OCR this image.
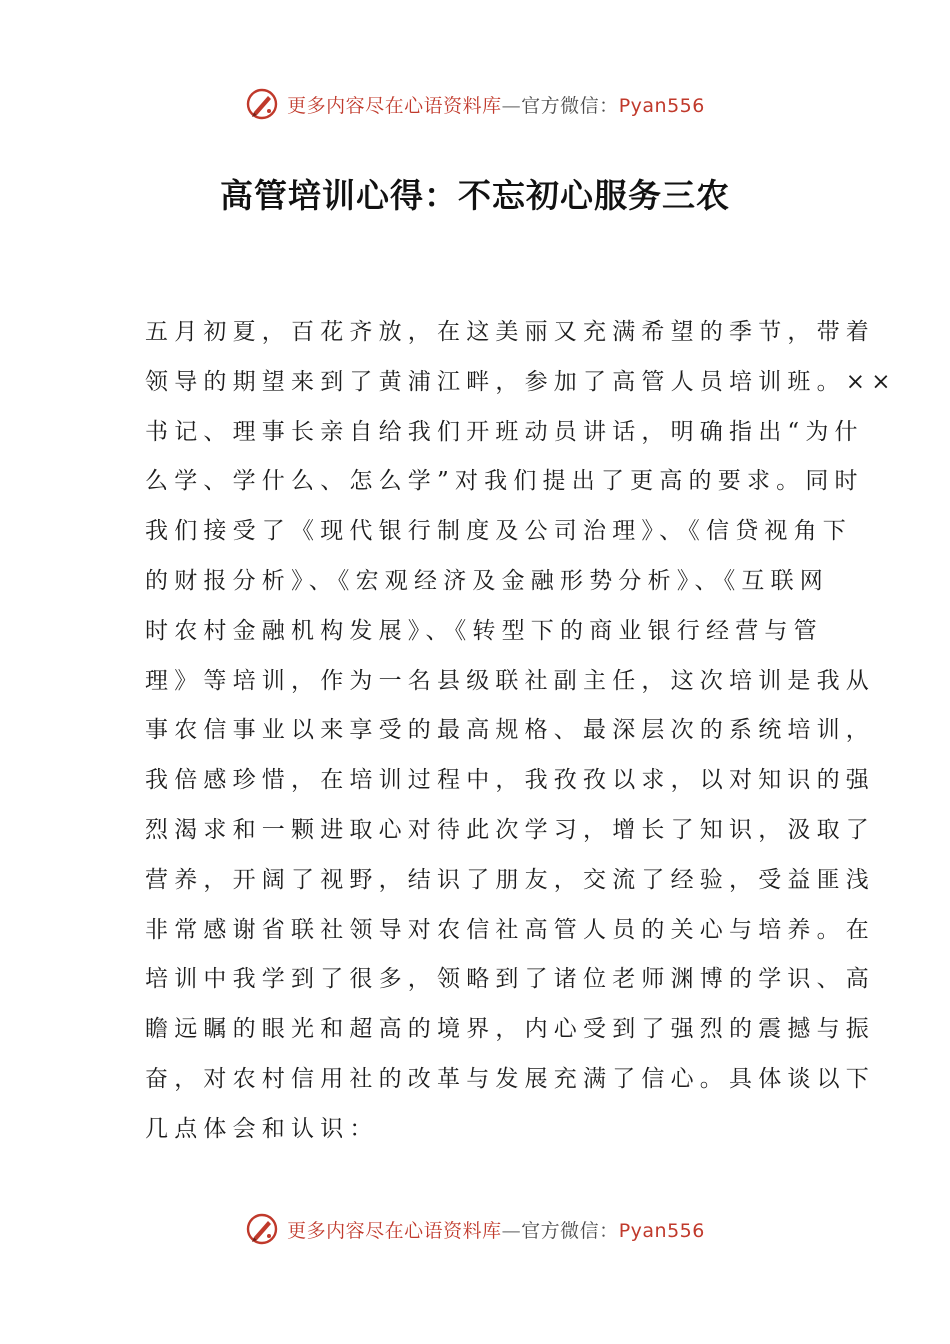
更多内容尽在心语资料库—官方微信：Pyan556
高管培训心得：不忘初心服务三农
五月初夏，百花齐放，在这美丽又充满希望的季节，带着
领导的期望来到了黄浦江畔，参加了高管人员培训班。××
书记、理事长亲自给我们开班动员讲话，明确指出“为什
么学、学什么、怎么学”对我们提出了更高的要求。同时
我们接受了《现代银行制度及公司治理》、《信贷视角下
的财报分析》、《宏观经济及金融形势分析》、《互联网
时农村金融机构发展》、《转型下的商业银行经营与管
理》等培训，作为一名县级联社副主任，这次培训是我从
事农信事业以来享受的最高规格、最深层次的系统培训，
我倍感珍惜，在培训过程中，我孜孜以求，以对知识的强
烈渴求和一颗进取心对待此次学习，增长了知识，汲取了
营养，开阔了视野，结识了朋友，交流了经验，受益匪浅
非常感谢省联社领导对农信社高管人员的关心与培养。在
培训中我学到了很多，领略到了诸位老师渊博的学识、高
瞻远瞩的眼光和超高的境界，内心受到了强烈的震撼与振
奋，对农村信用社的改革与发展充满了信心。具体谈以下
几点体会和认识：
更多内容尽在心语资料库—官方微信：Pyan556
